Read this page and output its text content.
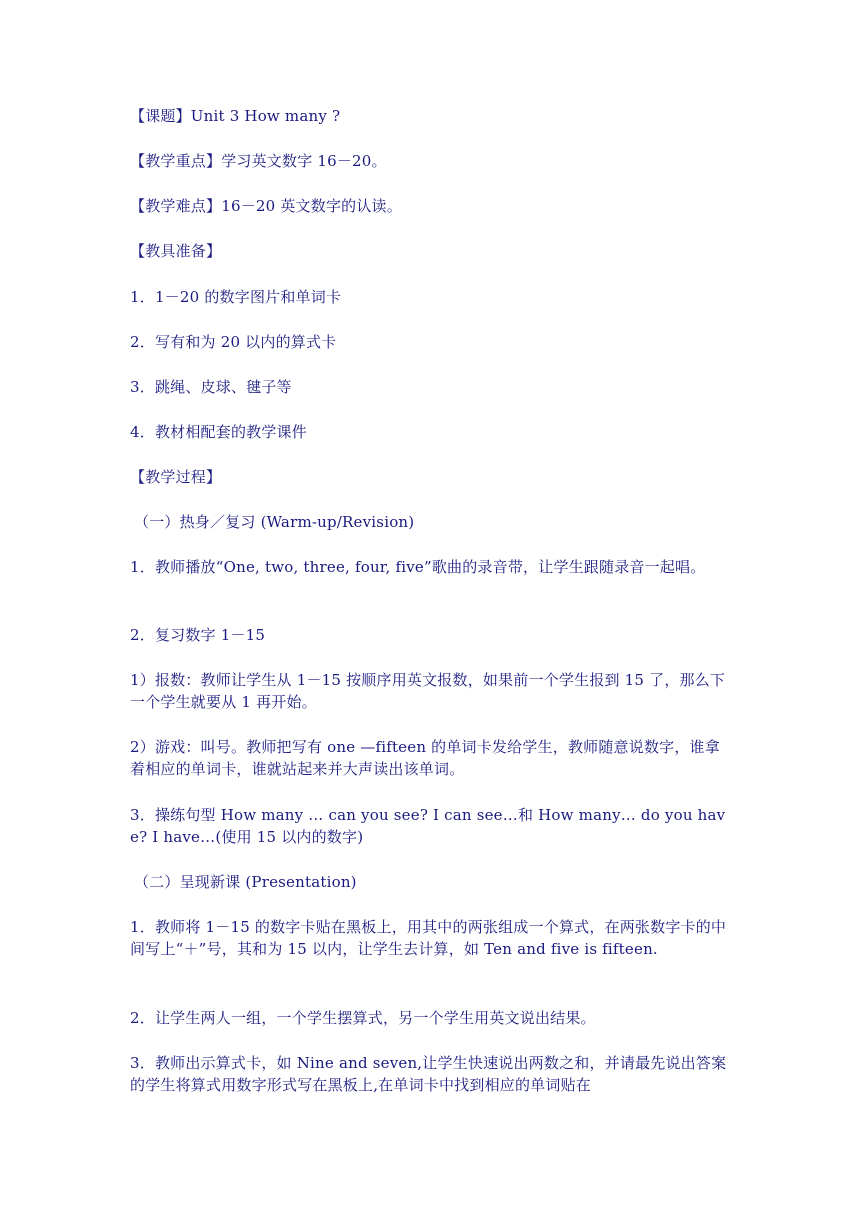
【课题】Unit 3 How many ?
【教学重点】学习英文数字 16－20。
【教学难点】16－20 英文数字的认读。
【教具准备】
1．1－20 的数字图片和单词卡
2．写有和为 20 以内的算式卡
3．跳绳、皮球、毽子等
4．教材相配套的教学课件
【教学过程】
（一）热身／复习 (Warm-up/Revision)
1．教师播放“One, two, three, four, five”歌曲的录音带，让学生跟随录音一起唱。
2．复习数字 1－15
1）报数：教师让学生从 1－15 按顺序用英文报数，如果前一个学生报到 15 了，那么下一个学生就要从 1 再开始。
2）游戏：叫号。教师把写有 one —fifteen 的单词卡发给学生，教师随意说数字，谁拿着相应的单词卡，谁就站起来并大声读出该单词。
3．操练句型 How many … can you see? I can see…和 How many… do you have? I have…(使用 15 以内的数字)
（二）呈现新课 (Presentation)
1．教师将 1－15 的数字卡贴在黑板上，用其中的两张组成一个算式，在两张数字卡的中间写上“＋”号，其和为 15 以内，让学生去计算，如 Ten and five is fifteen.
2．让学生两人一组，一个学生摆算式，另一个学生用英文说出结果。
3．教师出示算式卡，如 Nine and seven,让学生快速说出两数之和，并请最先说出答案的学生将算式用数字形式写在黑板上,在单词卡中找到相应的单词贴在
